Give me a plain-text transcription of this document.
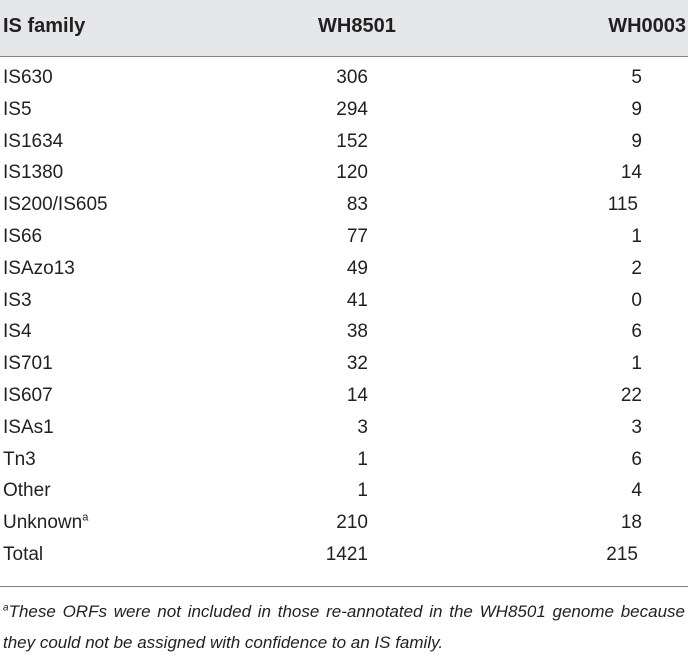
IS family	WH8501	WH0003
IS630	306	5
IS5	294	9
IS1634	152	9
IS1380	120	14
IS200/IS605	83	115
IS66	77	1
ISAzo13	49	2
IS3	41	0
IS4	38	6
IS701	32	1
IS607	14	22
ISAs1	3	3
Tn3	1	6
Other	1	4
Unknown$^a$	210	18
Total	1421	215
$^a$These ORFs were not included in those re-annotated in the WH8501 genome because they could not be assigned with confidence to an IS family.
